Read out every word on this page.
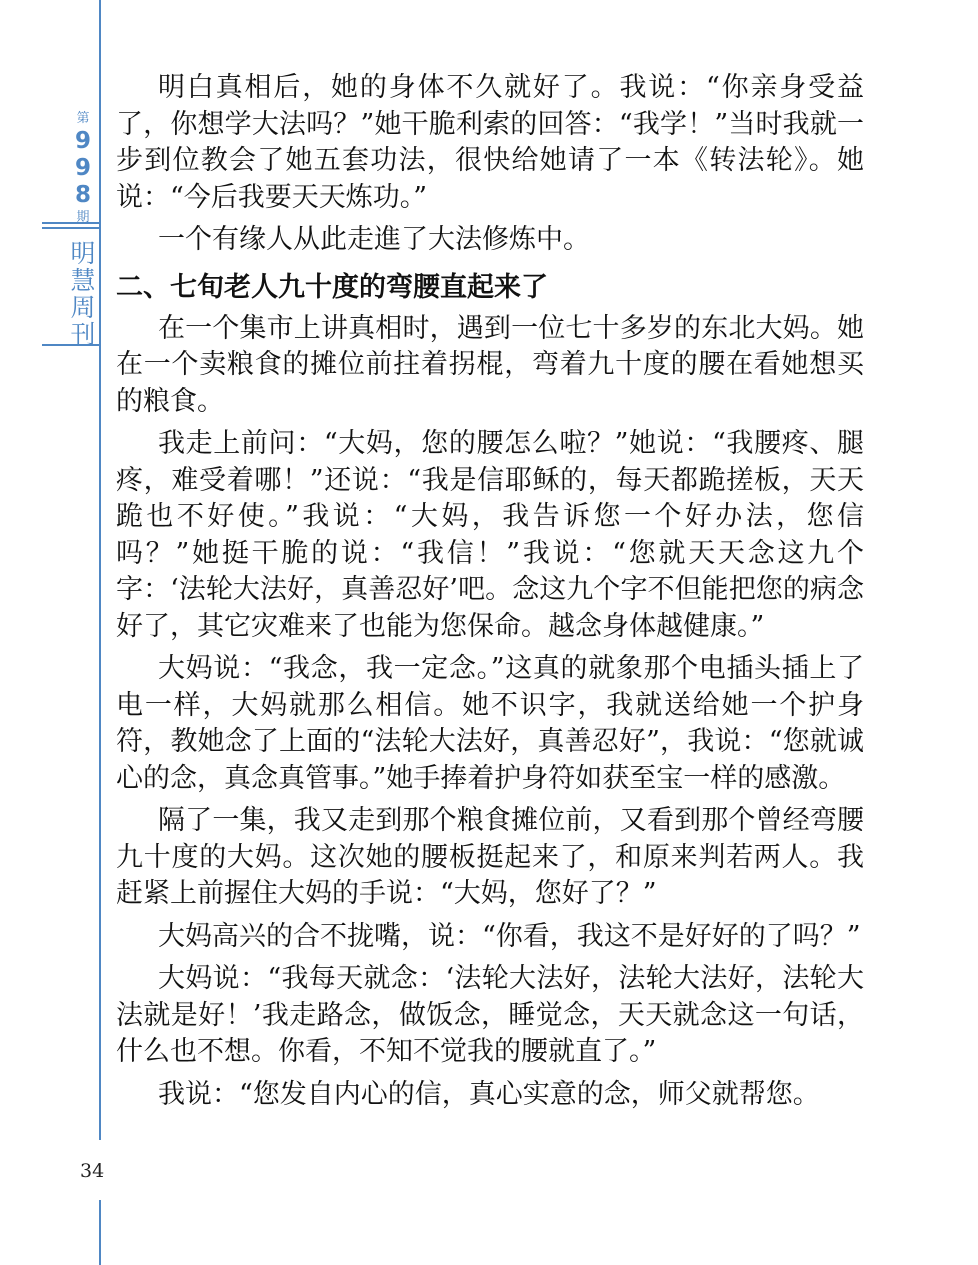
第
9
9
8
期
明
慧
周
刊
34

明白真相后，她的身体不久就好了。我说：“你亲身受益了，你想学大法吗？”她干脆利索的回答：“我学！”当时我就一步到位教会了她五套功法，很快给她请了一本《转法轮》。她说：“今后我要天天炼功。”

一个有缘人从此走進了大法修炼中。

二、七旬老人九十度的弯腰直起来了

在一个集市上讲真相时，遇到一位七十多岁的东北大妈。她在一个卖粮食的摊位前拄着拐棍，弯着九十度的腰在看她想买的粮食。

我走上前问：“大妈，您的腰怎么啦？”她说：“我腰疼、腿疼，难受着哪！”还说：“我是信耶稣的，每天都跪搓板，天天跪也不好使。”我说：“大妈，我告诉您一个好办法，您信吗？”她挺干脆的说：“我信！”我说：“您就天天念这九个字：‘法轮大法好，真善忍好’吧。念这九个字不但能把您的病念好了，其它灾难来了也能为您保命。越念身体越健康。”

大妈说：“我念，我一定念。”这真的就象那个电插头插上了电一样，大妈就那么相信。她不识字，我就送给她一个护身符，教她念了上面的“法轮大法好，真善忍好”，我说：“您就诚心的念，真念真管事。”她手捧着护身符如获至宝一样的感激。

隔了一集，我又走到那个粮食摊位前，又看到那个曾经弯腰九十度的大妈。这次她的腰板挺起来了，和原来判若两人。我赶紧上前握住大妈的手说：“大妈，您好了？”

大妈高兴的合不拢嘴，说：“你看，我这不是好好的了吗？”

大妈说：“我每天就念：‘法轮大法好，法轮大法好，法轮大法就是好！’我走路念，做饭念，睡觉念，天天就念这一句话，什么也不想。你看，不知不觉我的腰就直了。”

我说：“您发自内心的信，真心实意的念，师父就帮您。
